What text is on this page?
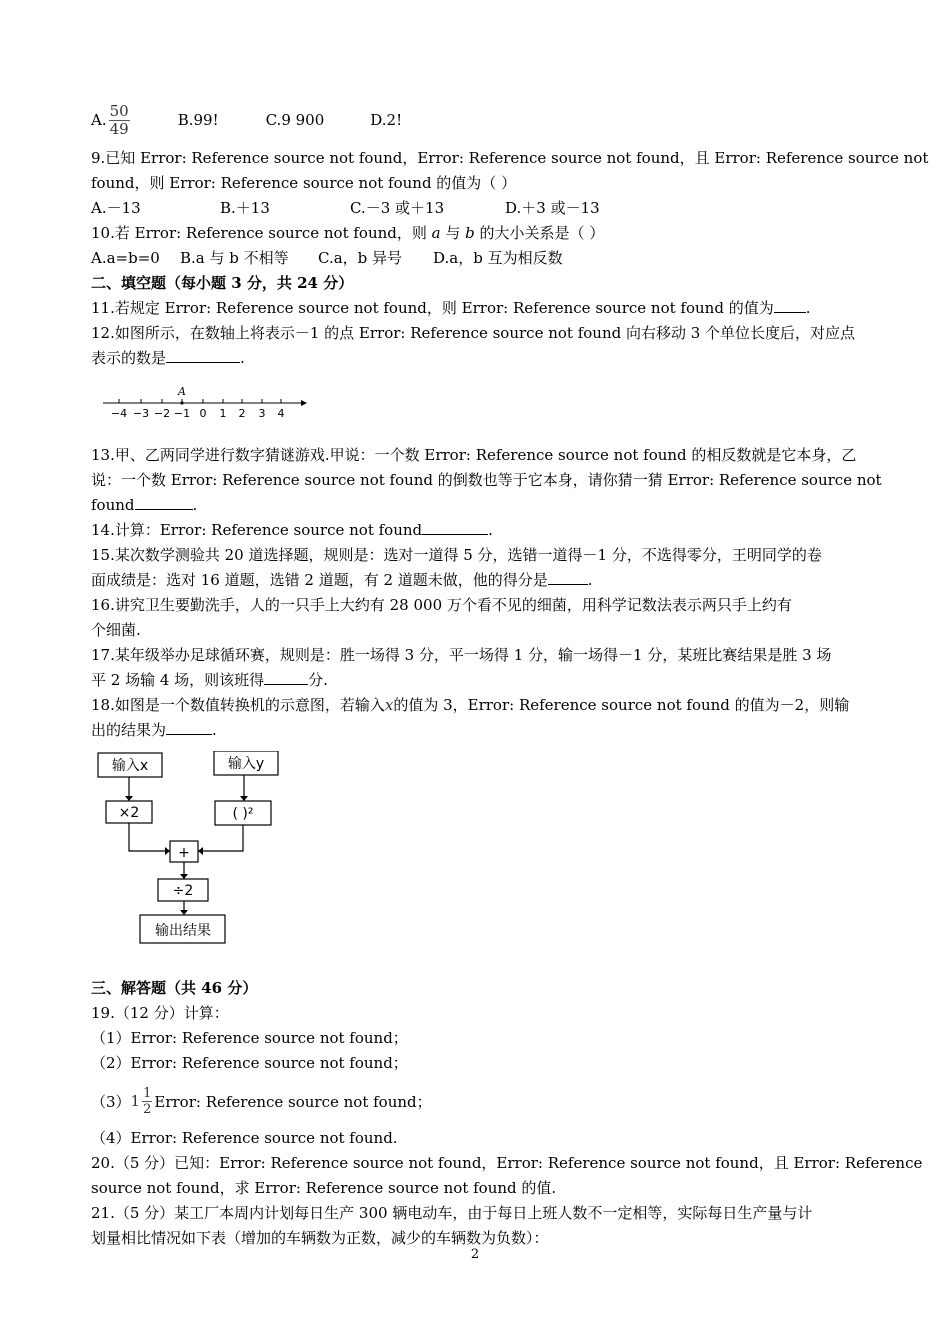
A. $\frac{50}{49}$	B.99!	C.9 900	D.2!
9.已知 Error: Reference source not found，Error: Reference source not found，且 Error: Reference source not
found，则 Error: Reference source not found 的值为（ ）
A.－13	B.＋13	C.－3 或＋13	D.＋3 或－13
10.若 Error: Reference source not found，则 a 与 b 的大小关系是（ ）
A.a=b=0	B.a 与 b 不相等	C.a，b 异号	D.a，b 互为相反数
二、填空题（每小题 3 分，共 24 分）
11.若规定 Error: Reference source not found，则 Error: Reference source not found 的值为 .
12.如图所示，在数轴上将表示－1 的点 Error: Reference source not found 向右移动 3 个单位长度后，对应点
表示的数是	.
A
−4 −3 −2 −1 0 1 2 3 4
13.甲、乙两同学进行数字猜谜游戏.甲说：一个数 Error: Reference source not found 的相反数就是它本身，乙
说：一个数 Error: Reference source not found 的倒数也等于它本身，请你猜一猜 Error: Reference source not
found	.
14.计算：Error: Reference source not found	.
15.某次数学测验共 20 道选择题，规则是：选对一道得 5 分，选错一道得－1 分，不选得零分，王明同学的卷
面成绩是：选对 16 道题，选错 2 道题，有 2 道题未做，他的得分是	.
16.讲究卫生要勤洗手，人的一只手上大约有 28 000 万个看不见的细菌，用科学记数法表示两只手上约有
个细菌.
17.某年级举办足球循环赛，规则是：胜一场得 3 分，平一场得 1 分，输一场得－1 分，某班比赛结果是胜 3 场
平 2 场输 4 场，则该班得	分.
18.如图是一个数值转换机的示意图，若输入x的值为 3，Error: Reference source not found 的值为－2，则输
出的结果为	.
输入x	输入y
×2	( )²
+
÷2
输出结果
三、解答题（共 46 分）
19.（12 分）计算：
（1）Error: Reference source not found；
（2）Error: Reference source not found；
（3） $1 \frac{1}{2}$ Error: Reference source not found；
（4）Error: Reference source not found.
20.（5 分）已知：Error: Reference source not found，Error: Reference source not found，且 Error: Reference
source not found，求 Error: Reference source not found 的值.
21.（5 分）某工厂本周内计划每日生产 300 辆电动车，由于每日上班人数不一定相等，实际每日生产量与计
划量相比情况如下表（增加的车辆数为正数，减少的车辆数为负数）：
2
